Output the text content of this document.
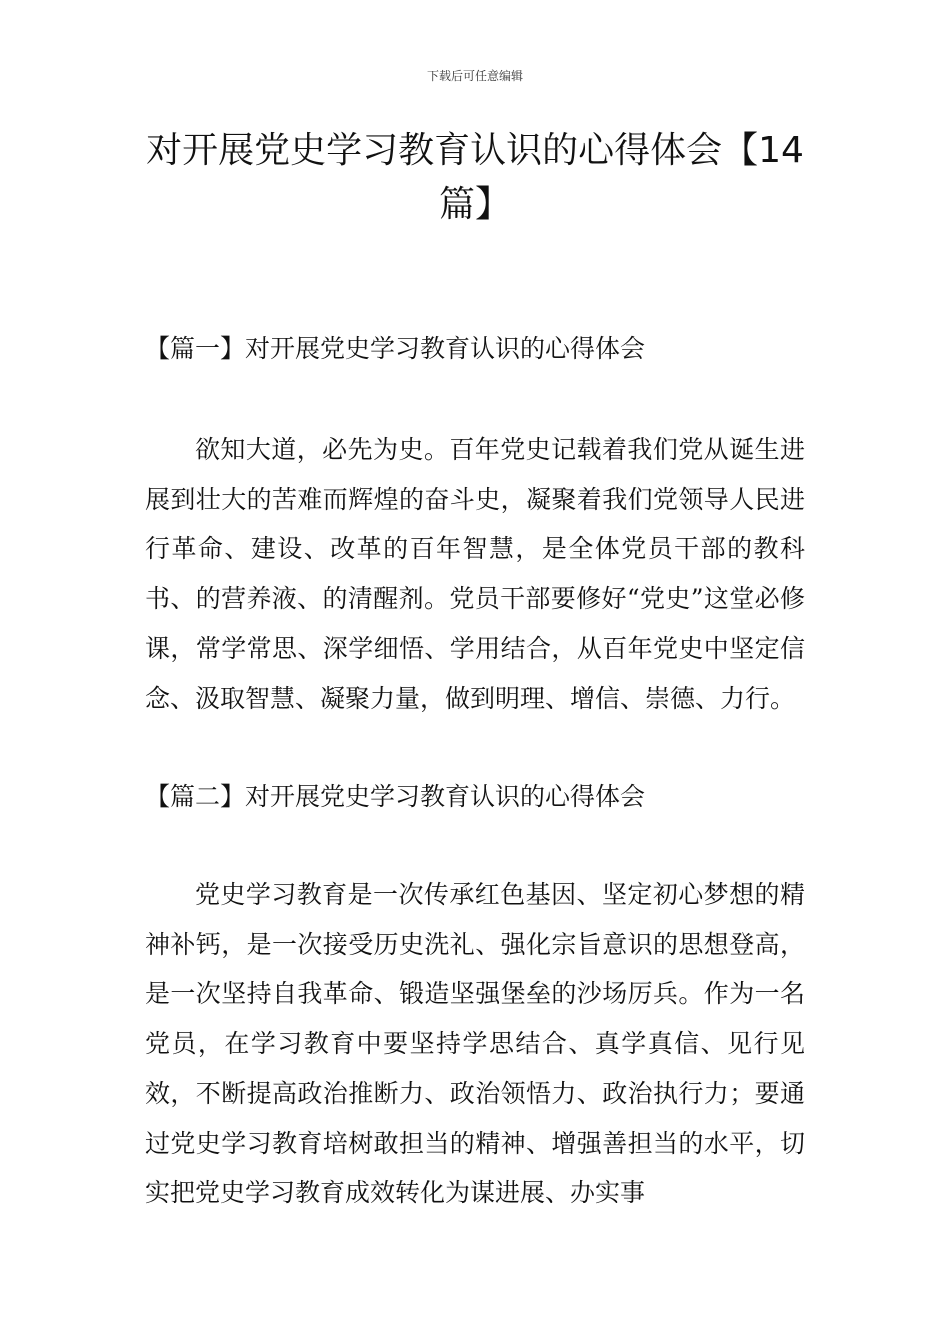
下载后可任意编辑
对开展党史学习教育认识的心得体会【14篇】
【篇一】对开展党史学习教育认识的心得体会

欲知大道，必先为史。百年党史记载着我们党从诞生进展到壮大的苦难而辉煌的奋斗史，凝聚着我们党领导人民进行革命、建设、改革的百年智慧，是全体党员干部的教科书、的营养液、的清醒剂。党员干部要修好“党史”这堂必修课，常学常思、深学细悟、学用结合，从百年党史中坚定信念、汲取智慧、凝聚力量，做到明理、增信、崇德、力行。

【篇二】对开展党史学习教育认识的心得体会

党史学习教育是一次传承红色基因、坚定初心梦想的精神补钙，是一次接受历史洗礼、强化宗旨意识的思想登高，是一次坚持自我革命、锻造坚强堡垒的沙场厉兵。作为一名党员，在学习教育中要坚持学思结合、真学真信、见行见效，不断提高政治推断力、政治领悟力、政治执行力；要通过党史学习教育培树敢担当的精神、增强善担当的水平，切实把党史学习教育成效转化为谋进展、办实事
